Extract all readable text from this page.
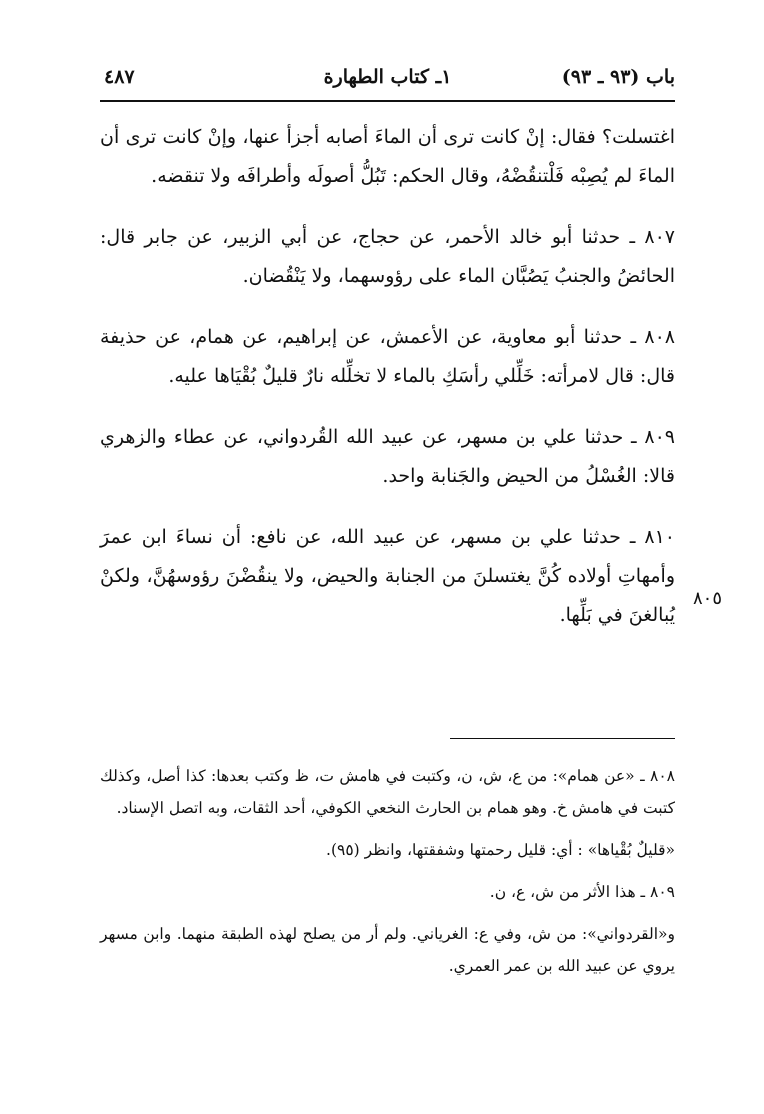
باب (٩٣ ـ ٩٣)
١ـ كتاب الطهارة
٤٨٧

اغتسلت؟ فقال: إنْ كانت ترى أن الماءَ أصابه أجزأ عنها، وإنْ كانت ترى أن الماءَ لم يُصِبْه فَلْتنقُضْهُ، وقال الحكم: تَبُلُّ أصولَه وأطرافَه ولا تنقضه.

٨٠٧ ـ حدثنا أبو خالد الأحمر، عن حجاج، عن أبي الزبير، عن جابر قال: الحائضُ والجنبُ يَصُبَّان الماء على رؤوسهما، ولا يَنْقُضان.

٨٠٨ ـ حدثنا أبو معاوية، عن الأعمش، عن إبراهيم، عن همام، عن حذيفة قال: قال لامرأته: خَلِّلي رأسَكِ بالماء لا تخلِّله نارٌ قليلٌ بُقْيَاها عليه.

٨٠٩ ـ حدثنا علي بن مسهر، عن عبيد الله القُردواني، عن عطاء والزهري قالا: الغُسْلُ من الحيض والجَنابة واحد.

٨١٠ ـ حدثنا علي بن مسهر، عن عبيد الله، عن نافع: أن نساءَ ابن عمرَ وأمهاتِ أولاده كُنَّ يغتسلنَ من الجنابة والحيض، ولا ينقُضْنَ رؤوسهُنَّ، ولكنْ يُبالغنَ في بَلِّها.

٨٠٥

٨٠٨ ـ «عن همام»: من ع، ش، ن، وكتبت في هامش ت، ظ وكتب بعدها: كذا أصل، وكذلك كتبت في هامش خ. وهو همام بن الحارث النخعي الكوفي، أحد الثقات، وبه اتصل الإسناد.

«قليلٌ بُقْياها» : أي: قليل رحمتها وشفقتها، وانظر (٩٥).

٨٠٩ ـ هذا الأثر من ش، ع، ن.

و«القردواني»: من ش، وفي ع: الغرياني. ولم أر من يصلح لهذه الطبقة منهما. وابن مسهر يروي عن عبيد الله بن عمر العمري.
